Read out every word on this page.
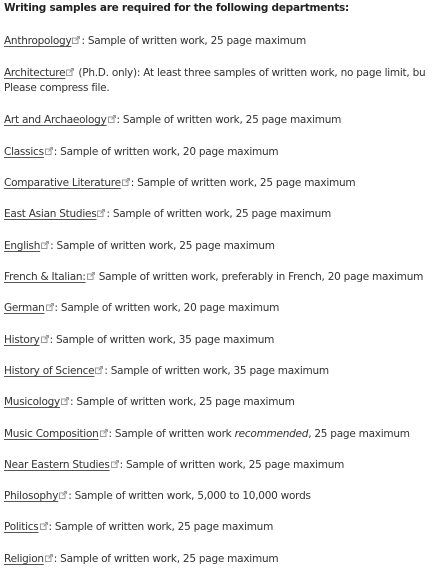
Writing samples are required for the following departments:
Anthropology : Sample of written work, 25 page maximum
Architecture
(Ph.D. only): At least three samples of written work, no page limit, bu
Please compress file.
Art and Archaeology : Sample of written work, 25 page maximum
Classics : Sample of written work, 20 page maximum
Comparative Literature : Sample of written work, 25 page maximum
East Asian Studies : Sample of written work, 25 page maximum
English : Sample of written work, 25 page maximum
French & Italian:
Sample of written work, preferably in French, 20 page maximum
German : Sample of written work, 20 page maximum
History : Sample of written work, 35 page maximum
History of Science : Sample of written work, 35 page maximum
Musicology : Sample of written work, 25 page maximum
Music Composition : Sample of written work recommended, 25 page maximum
Near Eastern Studies : Sample of written work, 25 page maximum
Philosophy : Sample of written work, 5,000 to 10,000 words
Politics : Sample of written work, 25 page maximum
Religion : Sample of written work, 25 page maximum
